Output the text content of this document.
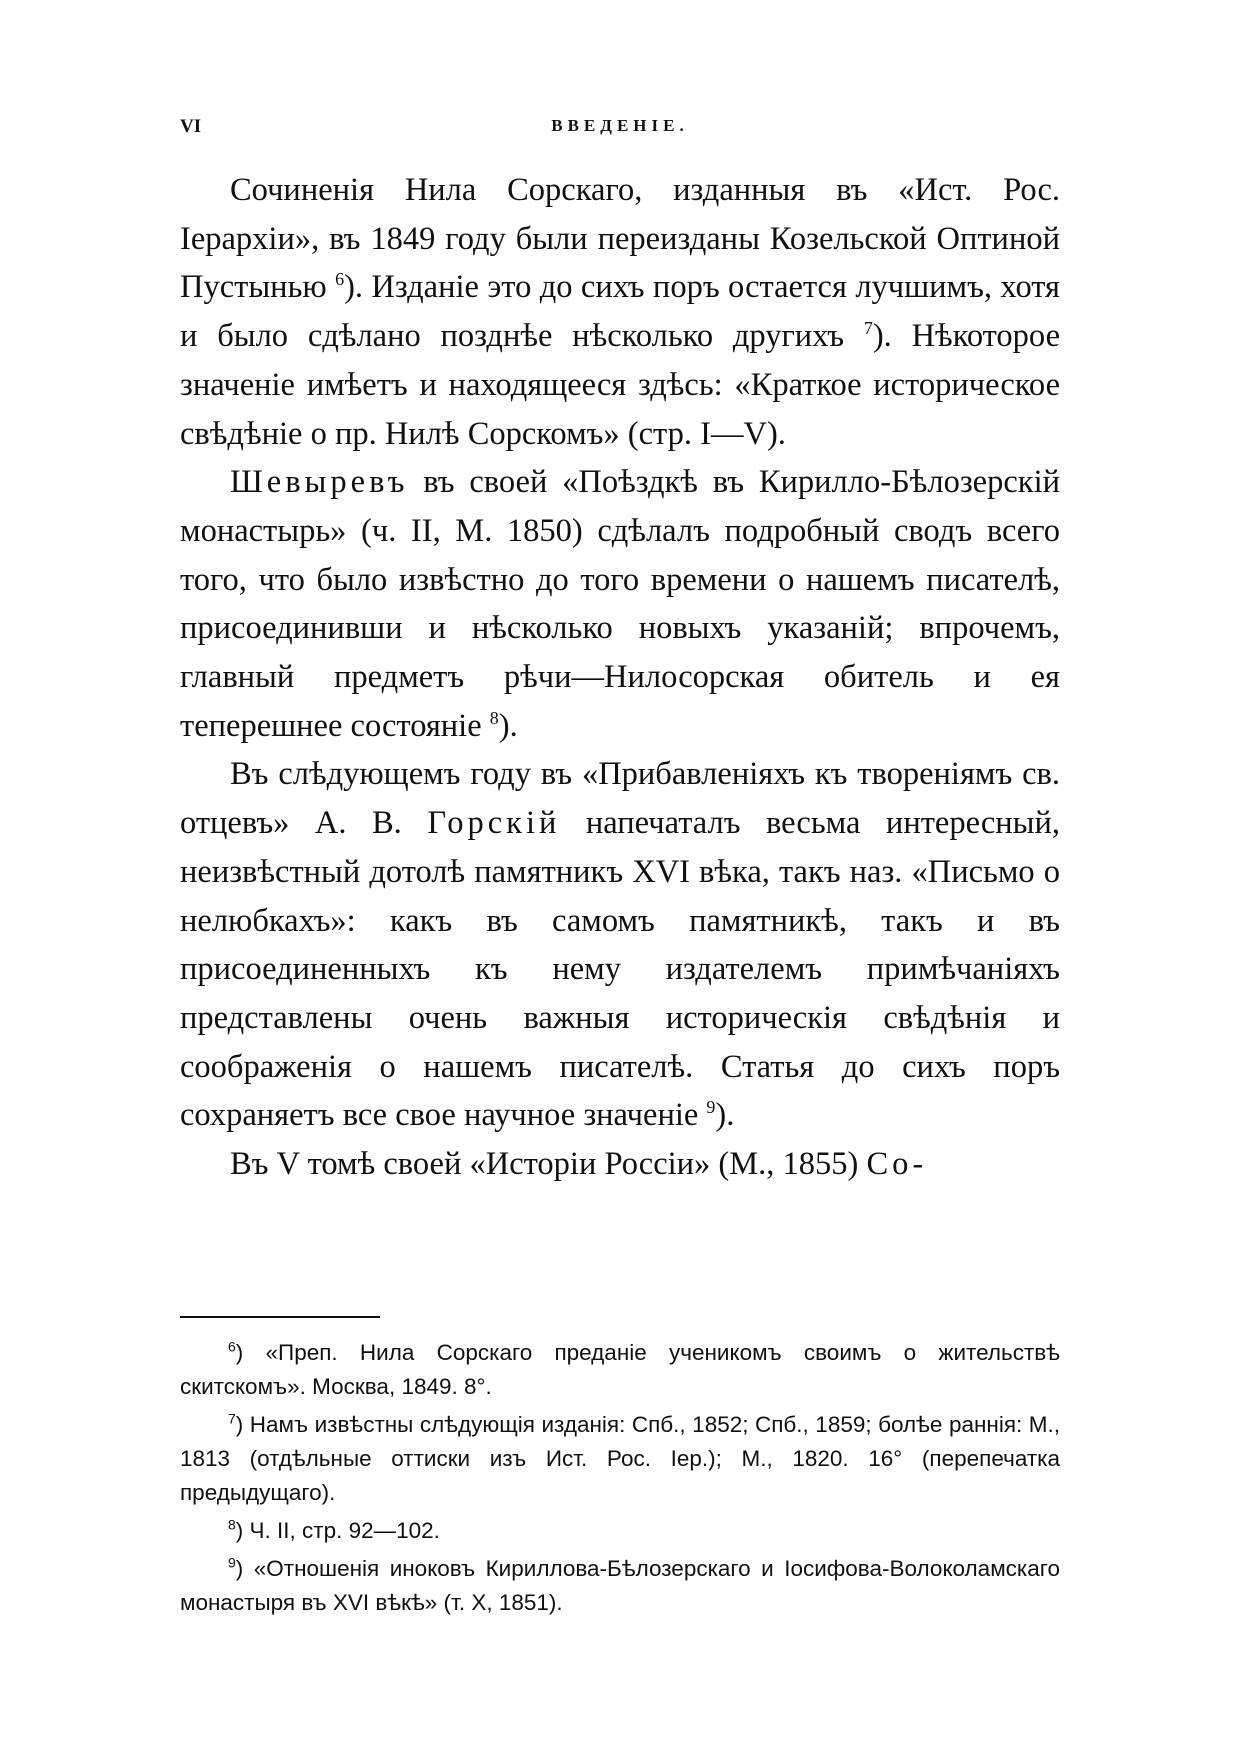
VI	ВВЕДЕНІЕ.

Сочиненія Нила Сорскаго, изданныя въ «Ист. Рос. Іерархіи», въ 1849 году были переизданы Козельской Оптиной Пустынью $^6$). Изданіе это до сихъ поръ остается лучшимъ, хотя и было сдѣлано позднѣе нѣсколько другихъ $^7$). Нѣкоторое значеніе имѣетъ и находящееся здѣсь: «Краткое историческое свѣдѣніе о пр. Нилѣ Сорскомъ» (стр. I—V).

Шевыревъ въ своей «Поѣздкѣ въ Кирилло-Бѣлозерскій монастырь» (ч. II, М. 1850) сдѣлалъ подробный сводъ всего того, что было извѣстно до того времени о нашемъ писателѣ, присоединивши и нѣсколько новыхъ указаній; впрочемъ, главный предметъ рѣчи—Нилосорская обитель и ея теперешнее состояніе $^8$).

Въ слѣдующемъ году въ «Прибавленіяхъ къ твореніямъ св. отцевъ» А. В. Горскій напечаталъ весьма интересный, неизвѣстный дотолѣ памятникъ XVI вѣка, такъ наз. «Письмо о нелюбкахъ»: какъ въ самомъ памятникѣ, такъ и въ присоединенныхъ къ нему издателемъ примѣчаніяхъ представлены очень важныя историческія свѣдѣнія и соображенія о нашемъ писателѣ. Статья до сихъ поръ сохраняетъ все свое научное значеніе $^9$).

Въ V томѣ своей «Исторіи Россіи» (М., 1855) Со-

$^6$) «Преп. Нила Сорскаго преданіе ученикомъ своимъ о жительствѣ скитскомъ». Москва, 1849. 8°.

$^7$) Намъ извѣстны слѣдующія изданія: Спб., 1852; Спб., 1859; болѣе раннія: М., 1813 (отдѣльные оттиски изъ Ист. Рос. Іер.); М., 1820. 16° (перепечатка предыдущаго).

$^8$) Ч. II, стр. 92—102.

$^9$) «Отношенія иноковъ Кириллова-Бѣлозерскаго и Іосифова-Волоколамскаго монастыря въ XVI вѣкѣ» (т. X, 1851).
